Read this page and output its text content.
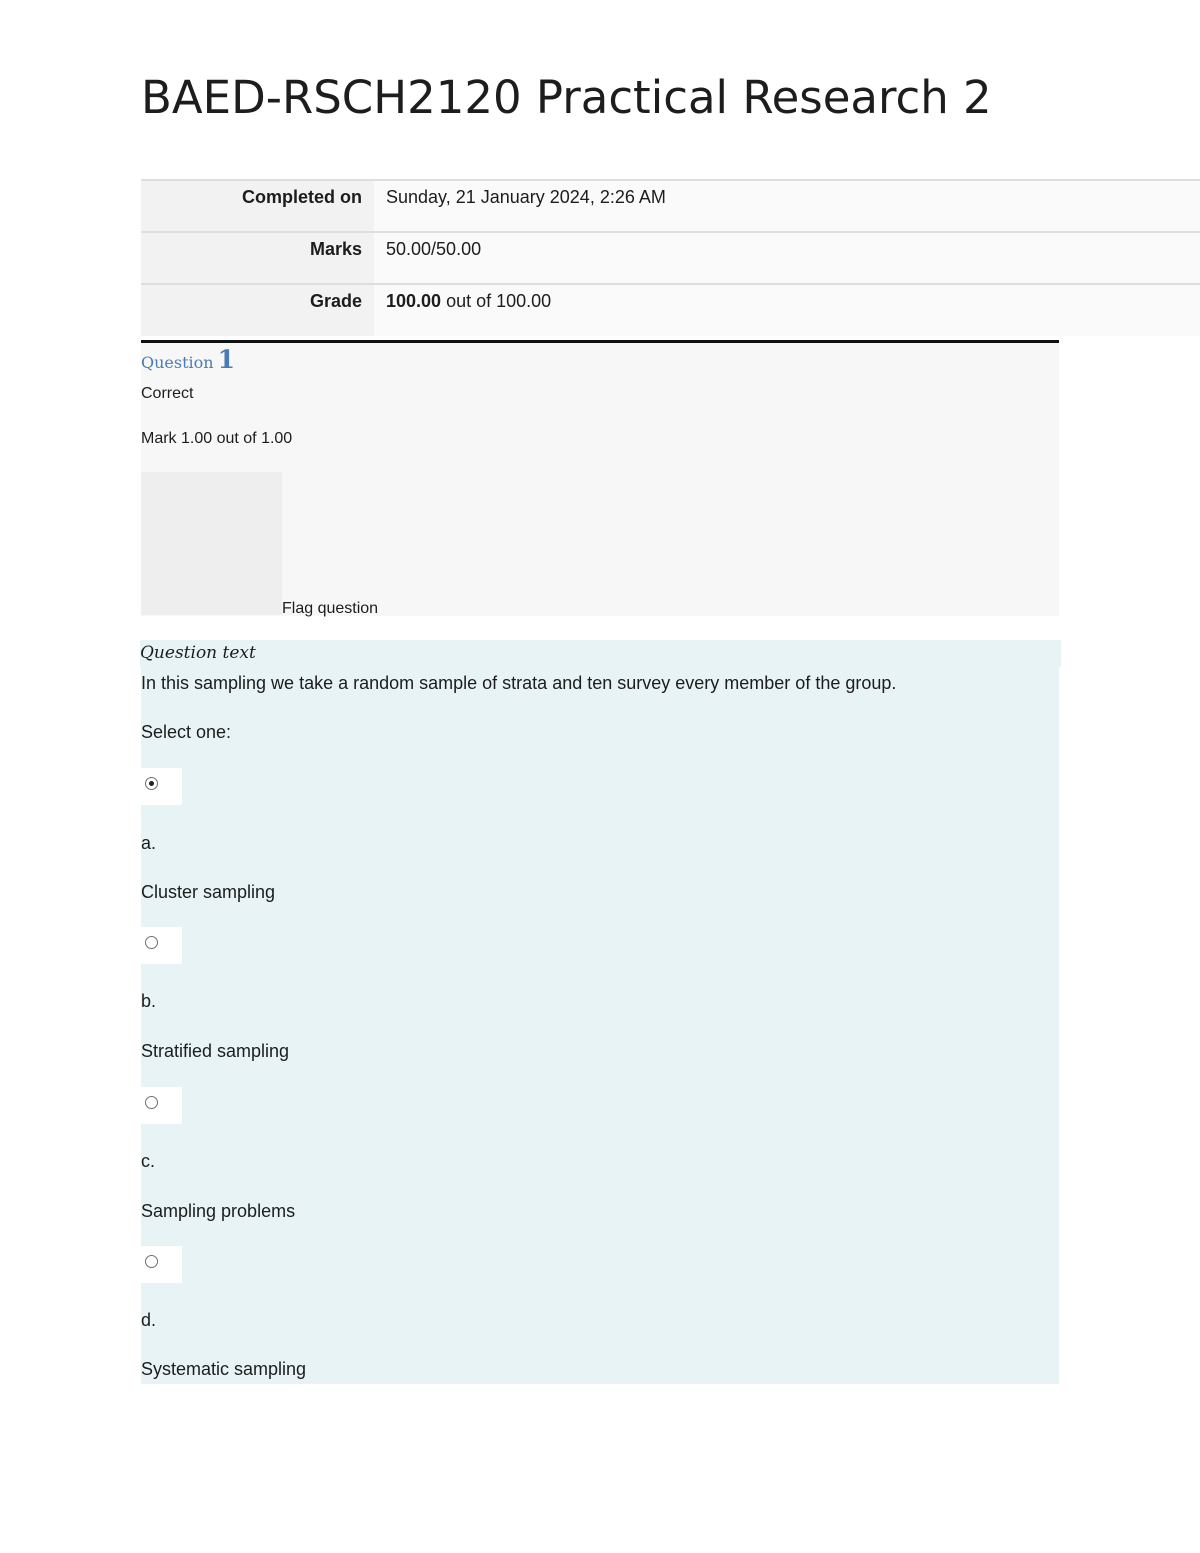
BAED-RSCH2120 Practical Research 2
Completed on	Sunday, 21 January 2024, 2:26 AM
Marks	50.00/50.00
Grade	100.00 out of 100.00
Question 1
Correct
Mark 1.00 out of 1.00
Flag question
Question text
In this sampling we take a random sample of strata and ten survey every member of the group.
Select one:
a.
Cluster sampling
b.
Stratified sampling
c.
Sampling problems
d.
Systematic sampling
